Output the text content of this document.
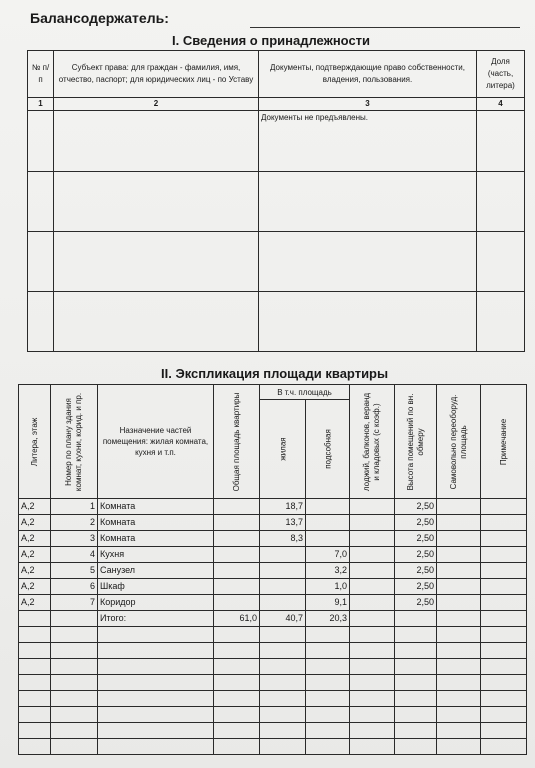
Балансодержатель:
I. Сведения о принадлежности
№ п/п	Субъект права: для граждан - фамилия, имя, отчество, паспорт; для юридических лиц - по Уставу	Документы, подтверждающие право собственности, владения, пользования.	Доля (часть, литера)
1	2	3	4

		Документы не предъявлены.	

II. Экспликация площади квартиры
Литера, этаж	Номер по плану здания комнат, кухни, корид. и пр.	Назначение частей помещения: жилая комната, кухня и т.п.	Общая площадь квартиры	В т.ч. площадь		лоджий, балконов, веранд и кладовых (с коэф.)	Высота помещений по вн. обмеру	Самовольно переоборуд. площадь	Примечание

				жилая	подсобная				

А,2	1	Комната		18,7			2,50		
А,2	2	Комната		13,7			2,50		
А,2	3	Комната		8,3			2,50		
А,2	4	Кухня			7,0		2,50		
А,2	5	Санузел			3,2		2,50		
А,2	6	Шкаф			1,0		2,50		
А,2	7	Коридор			9,1		2,50		
		Итого:	61,0	40,7	20,3				
